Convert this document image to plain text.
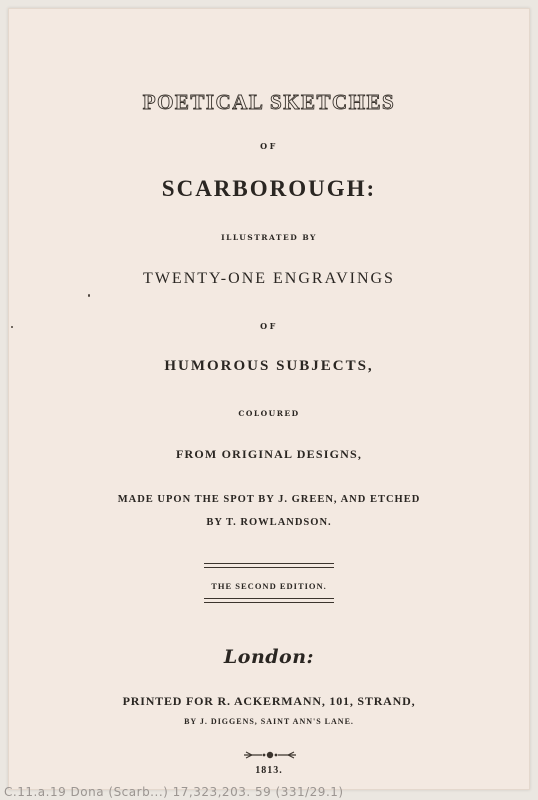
POETICAL SKETCHES
OF
SCARBOROUGH:
ILLUSTRATED BY
TWENTY-ONE ENGRAVINGS
OF
HUMOROUS SUBJECTS,
COLOURED
FROM ORIGINAL DESIGNS,
MADE UPON THE SPOT BY J. GREEN, AND ETCHED
BY T. ROWLANDSON.
THE SECOND EDITION.
London:
PRINTED FOR R. ACKERMANN, 101, STRAND,
BY J. DIGGENS, SAINT ANN'S LANE.
1813.
C.11.a.19 Dona (Scarb...) 17,323,203. 59 (331/29.1)
